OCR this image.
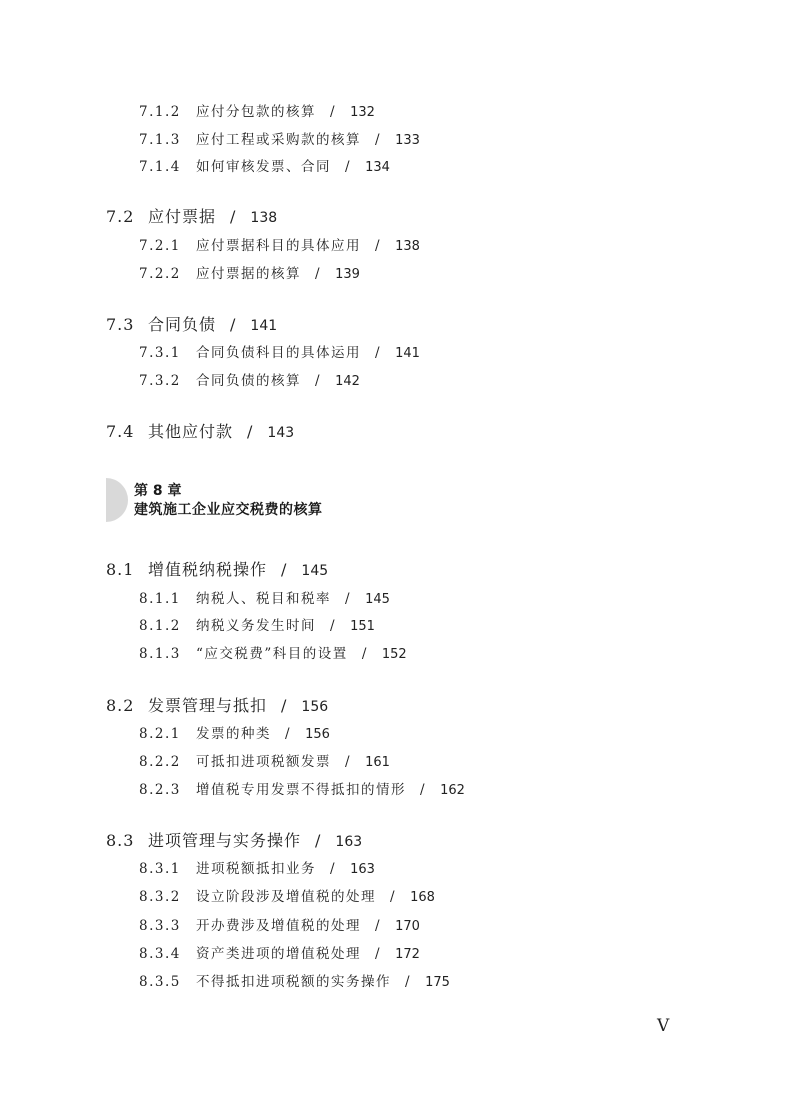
7.1.2	应付分包款的核算 / 132
7.1.3	应付工程或采购款的核算 / 133
7.1.4	如何审核发票、合同 / 134
7.2 应付票据 / 138
7.2.1	应付票据科目的具体应用 / 138
7.2.2	应付票据的核算 / 139
7.3 合同负债 / 141
7.3.1	合同负债科目的具体运用 / 141
7.3.2	合同负债的核算 / 142
7.4 其他应付款 / 143
第 8 章
建筑施工企业应交税费的核算
8.1 增值税纳税操作 / 145
8.1.1	纳税人、税目和税率 / 145
8.1.2	纳税义务发生时间 / 151
8.1.3	“应交税费”科目的设置 / 152
8.2 发票管理与抵扣 / 156
8.2.1	发票的种类 / 156
8.2.2	可抵扣进项税额发票 / 161
8.2.3	增值税专用发票不得抵扣的情形 / 162
8.3 进项管理与实务操作 / 163
8.3.1	进项税额抵扣业务 / 163
8.3.2	设立阶段涉及增值税的处理 / 168
8.3.3	开办费涉及增值税的处理 / 170
8.3.4	资产类进项的增值税处理 / 172
8.3.5	不得抵扣进项税额的实务操作 / 175
V
